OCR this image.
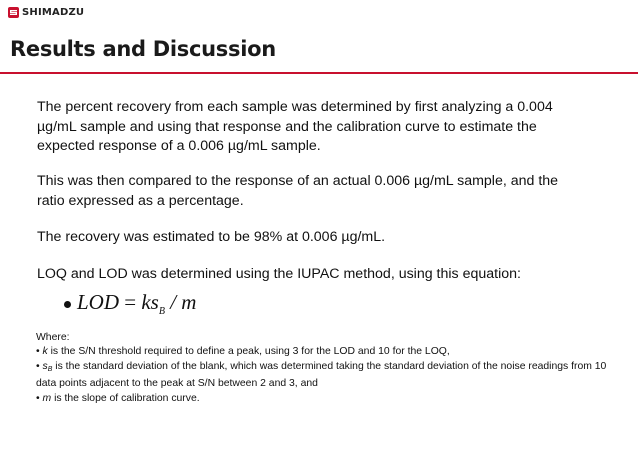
SHIMADZU
Results and Discussion

The percent recovery from each sample was determined by first analyzing a 0.004 µg/mL sample and using that response and the calibration curve to estimate the expected response of a 0.006 µg/mL sample.

This was then compared to the response of an actual 0.006 µg/mL sample, and the ratio expressed as a percentage.

The recovery was estimated to be 98% at 0.006 µg/mL.

LOQ and LOD was determined using the IUPAC method, using this equation:

LOD = $ks_B$ / m

Where:

• k is the S/N threshold required to define a peak, using 3 for the LOD and 10 for the LOQ,

• sB is the standard deviation of the blank, which was determined taking the standard deviation of the noise readings from 10 data points adjacent to the peak at S/N between 2 and 3, and

• m is the slope of calibration curve.
